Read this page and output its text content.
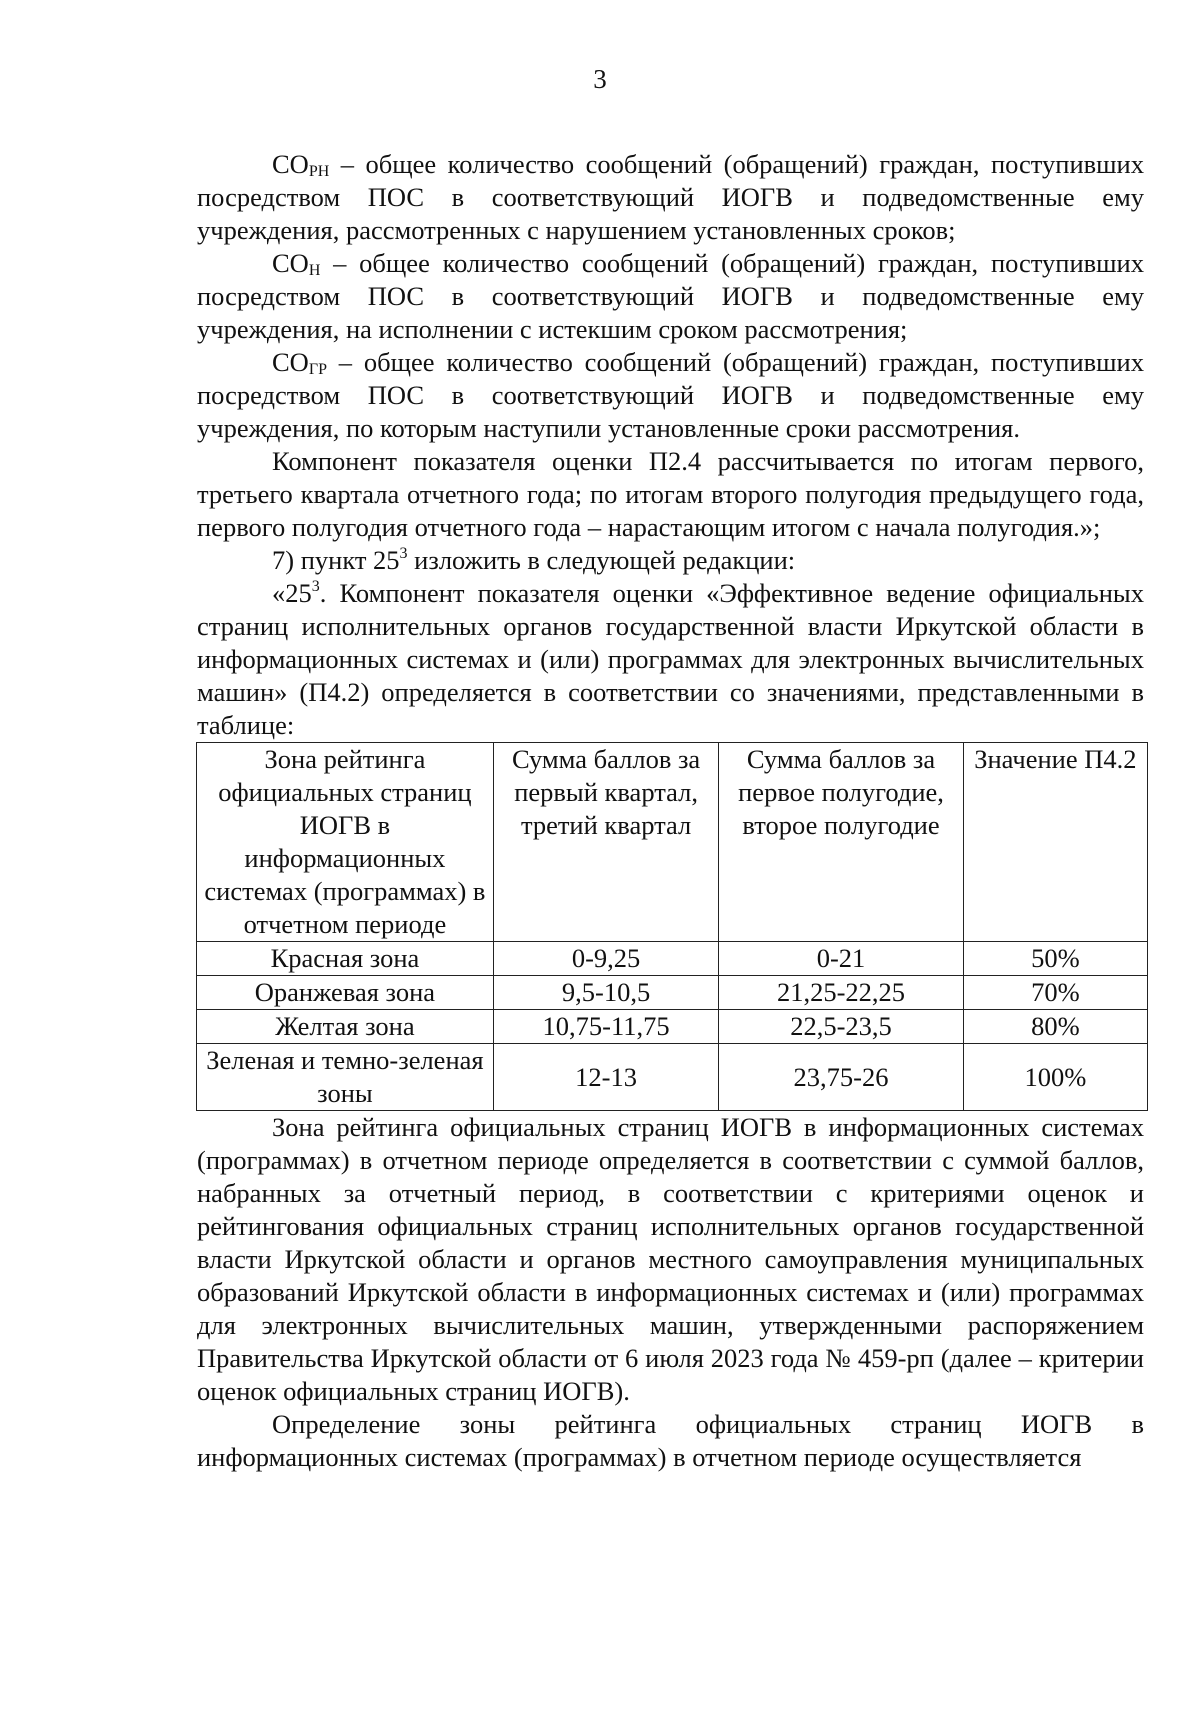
3

$СО_{РН}$ – общее количество сообщений (обращений) граждан, поступивших посредством ПОС в соответствующий ИОГВ и подведомственные ему учреждения, рассмотренных с нарушением установленных сроков;

$СО_Н$ – общее количество сообщений (обращений) граждан, поступивших посредством ПОС в соответствующий ИОГВ и подведомственные ему учреждения, на исполнении с истекшим сроком рассмотрения;

$СО_{ГР}$ – общее количество сообщений (обращений) граждан, поступивших посредством ПОС в соответствующий ИОГВ и подведомственные ему учреждения, по которым наступили установленные сроки рассмотрения.

Компонент показателя оценки П2.4 рассчитывается по итогам первого, третьего квартала отчетного года; по итогам второго полугодия предыдущего года, первого полугодия отчетного года – нарастающим итогом с начала полугодия.»;

7) пункт $25^3$ изложить в следующей редакции:

«$25^3$. Компонент показателя оценки «Эффективное ведение официальных страниц исполнительных органов государственной власти Иркутской области в информационных системах и (или) программах для электронных вычислительных машин» (П4.2) определяется в соответствии со значениями, представленными в таблице:

Зона рейтинга официальных страниц ИОГВ в информационных системах (программах) в отчетном периоде	Сумма баллов за первый квартал, третий квартал	Сумма баллов за первое полугодие, второе полугодие	Значение П4.2
Красная зона	0-9,25	0-21	50%
Оранжевая зона	9,5-10,5	21,25-22,25	70%
Желтая зона	10,75-11,75	22,5-23,5	80%
Зеленая и темно-зеленая зоны	12-13	23,75-26	100%

Зона рейтинга официальных страниц ИОГВ в информационных системах (программах) в отчетном периоде определяется в соответствии с суммой баллов, набранных за отчетный период, в соответствии с критериями оценок и рейтингования официальных страниц исполнительных органов государственной власти Иркутской области и органов местного самоуправления муниципальных образований Иркутской области в информационных системах и (или) программах для электронных вычислительных машин, утвержденными распоряжением Правительства Иркутской области от 6 июля 2023 года № 459-рп (далее – критерии оценок официальных страниц ИОГВ).

Определение зоны рейтинга официальных страниц ИОГВ в информационных системах (программах) в отчетном периоде осуществляется
